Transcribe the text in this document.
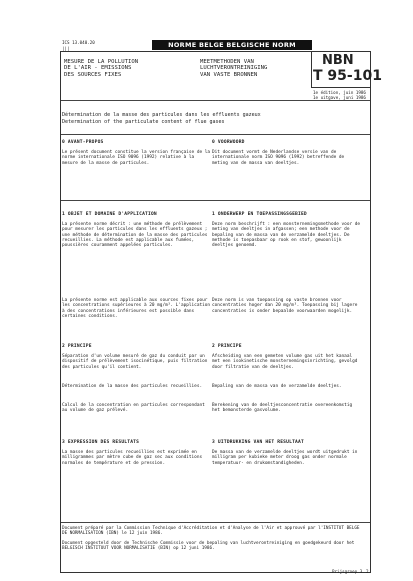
ICS 13.040.20
|||	NORME BELGE BELGISCHE NORM
NBN
T 95-101
1e édition, juin 1986
1e uitgave, juni 1986
MESURE DE LA POLLUTION
DE L'AIR - EMISSIONS
DES SOURCES FIXES
MEETMETHODEN VAN
LUCHTVERONTREINIGING
VAN VASTE BRONNEN
Détermination de la masse des particules dans les effluents gazeux
Determination of the particulate content of flue gases
0 AVANT-PROPOS
Le présent document constitue la version française de la norme internationale ISO 9096 (1992) relative à la mesure de la masse de particules.
0 VOORWOORD
Dit document vormt de Nederlandse versie van de internationale norm ISO 9096 (1992) betreffende de meting van de massa van deeltjes.
1 OBJET ET DOMAINE D'APPLICATION
La présente norme décrit : une méthode de prélèvement pour mesurer les particules dans les effluents gazeux ; une méthode de détermination de la masse des particules recueillies. La méthode est applicable aux fumées, poussières couramment appelées particules.
La présente norme est applicable aux sources fixes pour les concentrations supérieures à 20 mg/m³. L'application à des concentrations inférieures est possible dans certaines conditions.
1 ONDERWERP EN TOEPASSINGSGEBIED
Deze norm beschrijft : een monsternemingsmethode voor de meting van deeltjes in afgassen; een methode voor de bepaling van de massa van de verzamelde deeltjes. De methode is toepasbaar op rook en stof, gewoonlijk deeltjes genoemd.
Deze norm is van toepassing op vaste bronnen voor concentraties hoger dan 20 mg/m³. Toepassing bij lagere concentraties is onder bepaalde voorwaarden mogelijk.
2 PRINCIPE
Séparation d'un volume mesuré de gaz du conduit par un dispositif de prélèvement isocinétique, puis filtration des particules qu'il contient.
Détermination de la masse des particules recueillies.
Calcul de la concentration en particules correspondant au volume de gaz prélevé.
2 PRINCIPE
Afscheiding van een gemeten volume gas uit het kanaal met een isokinetische monsternemingsinrichting, gevolgd door filtratie van de deeltjes.
Bepaling van de massa van de verzamelde deeltjes.
Berekening van de deeltjesconcentratie overeenkomstig het bemonsterde gasvolume.
3 EXPRESSION DES RESULTATS
La masse des particules recueillies est exprimée en milligrammes par mètre cube de gaz sec aux conditions normales de température et de pression.
3 UITDRUKKING VAN HET RESULTAAT
De massa van de verzamelde deeltjes wordt uitgedrukt in milligram per kubieke meter droog gas onder normale temperatuur- en drukomstandigheden.
Document préparé par la Commission Technique d'Accréditation et d'Analyse de l'Air et approuvé par l'INSTITUT BELGE DE NORMALISATION (IBN) le 12 juin 1986.
Document opgesteld door de Technische Commissie voor de bepaling van luchtverontreiniging en goedgekeurd door het BELGISCH INSTITUUT VOOR NORMALISATIE (BIN) op 12 juni 1986.
Prijsgroep 3 2
